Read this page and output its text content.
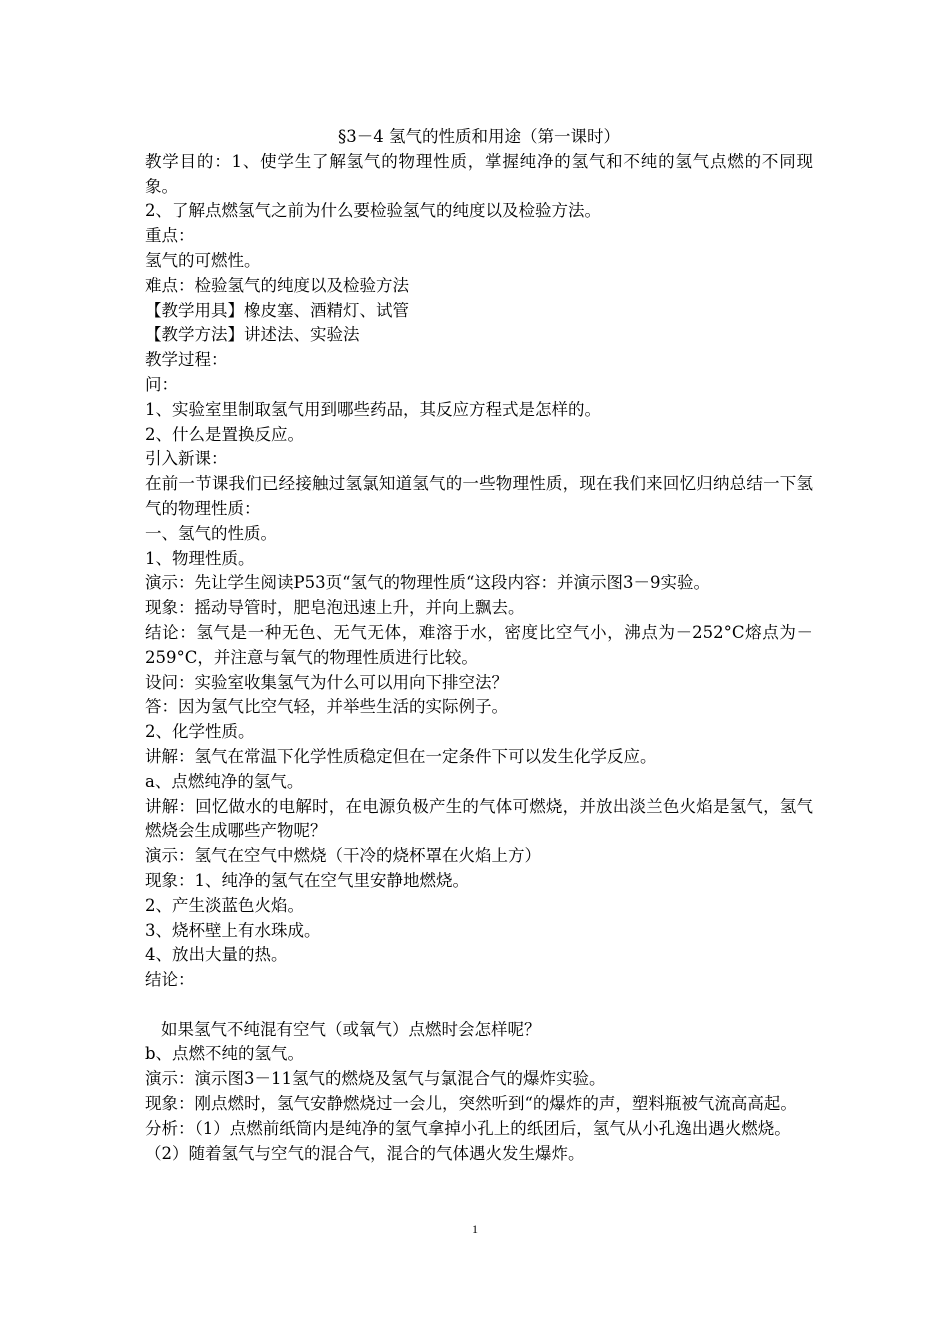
§3－4 氢气的性质和用途（第一课时）
教学目的：1、使学生了解氢气的物理性质，掌握纯净的氢气和不纯的氢气点燃的不同现象。
2、了解点燃氢气之前为什么要检验氢气的纯度以及检验方法。
重点：
氢气的可燃性。
难点：检验氢气的纯度以及检验方法
【教学用具】橡皮塞、酒精灯、试管
【教学方法】讲述法、实验法
教学过程：
问：
1、实验室里制取氢气用到哪些药品，其反应方程式是怎样的。
2、什么是置换反应。
引入新课：
在前一节课我们已经接触过氢氯知道氢气的一些物理性质，现在我们来回忆归纳总结一下氢气的物理性质：
一、氢气的性质。
1、物理性质。
演示：先让学生阅读P53页“氢气的物理性质“这段内容：并演示图3－9实验。
现象：摇动导管时，肥皂泡迅速上升，并向上飘去。
结论：氢气是一种无色、无气无体，难溶于水，密度比空气小，沸点为－252°C熔点为－259°C，并注意与氧气的物理性质进行比较。
设问：实验室收集氢气为什么可以用向下排空法？
答：因为氢气比空气轻，并举些生活的实际例子。
2、化学性质。
讲解：氢气在常温下化学性质稳定但在一定条件下可以发生化学反应。
a、点燃纯净的氢气。
讲解：回忆做水的电解时，在电源负极产生的气体可燃烧，并放出淡兰色火焰是氢气，氢气燃烧会生成哪些产物呢？
演示：氢气在空气中燃烧（干冷的烧杯罩在火焰上方）
现象：1、纯净的氢气在空气里安静地燃烧。
2、产生淡蓝色火焰。
3、烧杯壁上有水珠成。
4、放出大量的热。
结论：
如果氢气不纯混有空气（或氧气）点燃时会怎样呢？
b、点燃不纯的氢气。
演示：演示图3－11氢气的燃烧及氢气与氯混合气的爆炸实验。
现象：刚点燃时，氢气安静燃烧过一会儿，突然听到“的爆炸的声，塑料瓶被气流高高起。
分析：（1）点燃前纸筒内是纯净的氢气拿掉小孔上的纸团后，氢气从小孔逸出遇火燃烧。
（2）随着氢气与空气的混合气，混合的气体遇火发生爆炸。
1
